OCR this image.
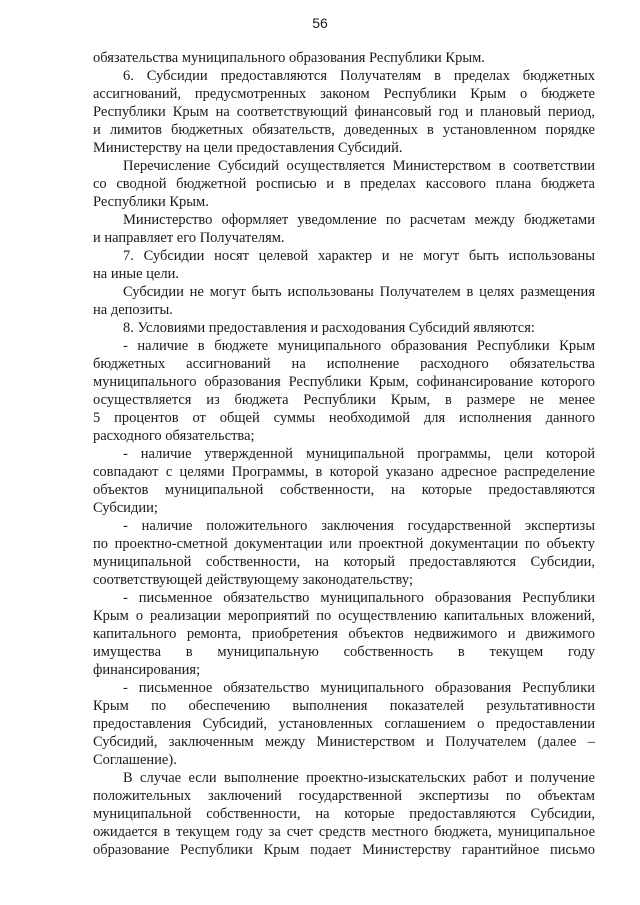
56
обязательства муниципального образования Республики Крым.
6. Субсидии предоставляются Получателям в пределах бюджетных
ассигнований, предусмотренных законом Республики Крым о бюджете
Республики Крым на соответствующий финансовый год и плановый период,
и лимитов бюджетных обязательств, доведенных в установленном порядке
Министерству на цели предоставления Субсидий.
Перечисление Субсидий осуществляется Министерством в соответствии
со сводной бюджетной росписью и в пределах кассового плана бюджета
Республики Крым.
Министерство оформляет уведомление по расчетам между бюджетами
и направляет его Получателям.
7. Субсидии носят целевой характер и не могут быть использованы
на иные цели.
Субсидии не могут быть использованы Получателем в целях размещения
на депозиты.
8. Условиями предоставления и расходования Субсидий являются:
- наличие в бюджете муниципального образования Республики Крым
бюджетных ассигнований на исполнение расходного обязательства
муниципального образования Республики Крым, софинансирование которого
осуществляется из бюджета Республики Крым, в размере не менее
5 процентов от общей суммы необходимой для исполнения данного
расходного обязательства;
- наличие утвержденной муниципальной программы, цели которой
совпадают с целями Программы, в которой указано адресное распределение
объектов муниципальной собственности, на которые предоставляются
Субсидии;
- наличие положительного заключения государственной экспертизы
по проектно-сметной документации или проектной документации по объекту
муниципальной собственности, на который предоставляются Субсидии,
соответствующей действующему законодательству;
- письменное обязательство муниципального образования Республики
Крым о реализации мероприятий по осуществлению капитальных вложений,
капитального ремонта, приобретения объектов недвижимого и движимого
имущества в муниципальную собственность в текущем году
финансирования;
- письменное обязательство муниципального образования Республики
Крым по обеспечению выполнения показателей результативности
предоставления Субсидий, установленных соглашением о предоставлении
Субсидий, заключенным между Министерством и Получателем (далее –
Соглашение).
В случае если выполнение проектно-изыскательских работ и получение
положительных заключений государственной экспертизы по объектам
муниципальной собственности, на которые предоставляются Субсидии,
ожидается в текущем году за счет средств местного бюджета, муниципальное
образование Республики Крым подает Министерству гарантийное письмо
